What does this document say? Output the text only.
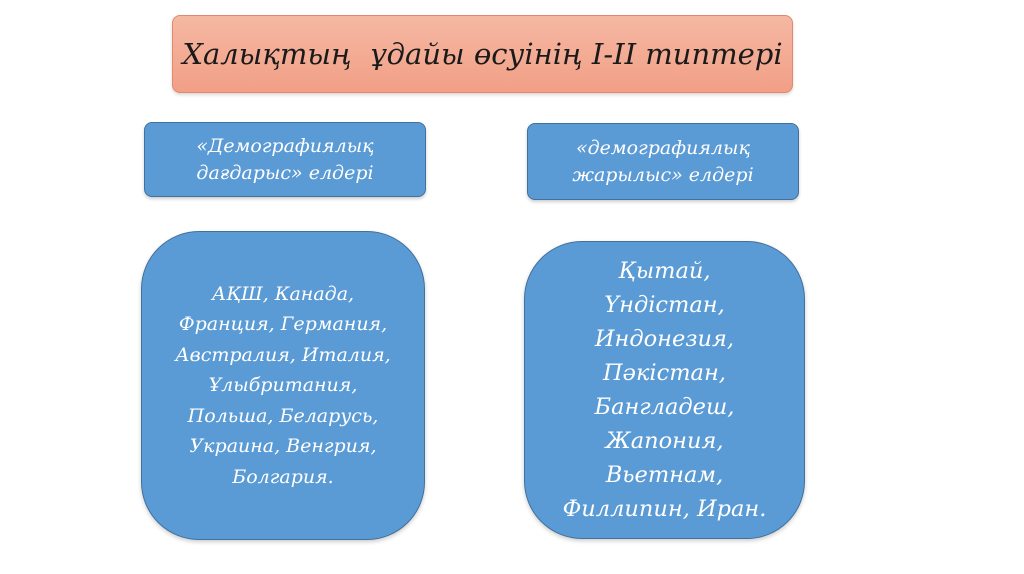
Халықтың  ұдайы өсуінің І-ІІ типтері
«Демографиялық
дағдарыс» елдері
«демографиялық
жарылыс» елдері
АҚШ, Канада,
Франция, Германия,
Австралия, Италия,
Ұлыбритания,
Польша, Беларусь,
Украина, Венгрия,
Болгария.
Қытай,
Үндістан,
Индонезия,
Пәкістан,
Бангладеш,
Жапония,
Вьетнам,
Филлипин, Иран.
